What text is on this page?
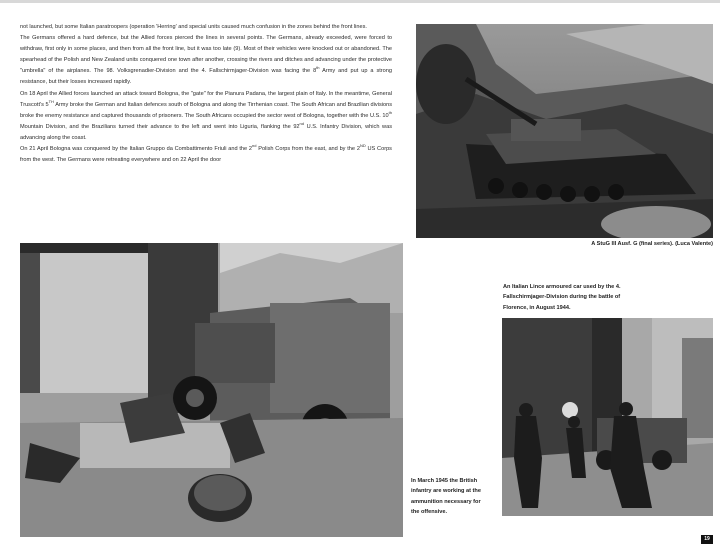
not launched, but some Italian paratroopers (operation 'Herring' and special units caused much confusion in the zones behind the front lines.

The Germans offered a hard defence, but the Allied forces pierced the lines in several points. The Germans, already exceeded, were forced to withdraw, first only in some places, and then from all the front line, but it was too late (9). Most of their vehicles were knocked out or abandoned. The spearhead of the Polish and New Zealand units conquered one town after another, crossing the rivers and ditches and advancing under the protective "umbrella" of the airplanes. The 98. Volksgrenadier-Division and the 4. Fallschirmjager-Division was facing the 8th Army and put up a strong resistance, but their losses increased rapidly.

On 18 April the Allied forces launched an attack toward Bologna, the "gate" for the Pianura Padana, the largest plain of Italy. In the meantime, General Truscott's 5TH Army broke the German and Italian defences south of Bologna and along the Tirrhenian coast. The South African and Brazilian divisions broke the enemy resistance and captured thousands of prisoners. The South Africans occupied the sector west of Bologna, together with the U.S. 10th Mountain Division, and the Brazilians turned their advance to the left and went into Liguria, flanking the 92nd U.S. Infantry Division, which was advancing along the coast.

On 21 April Bologna was conquered by the Italian Gruppo da Combattimento Friuli and the 2nd Polish Corps from the east, and by the 2ND US Corps from the west. The Germans were retreating everywhere and on 22 April the door

A StuG III Ausf. G (final series). (Luca Valente)
In March 1945 the British infantry are working at the ammunition necessary for the offensive.
An Italian Lince armoured car used by the 4. Fallschirmjager-Division during the battle of Florence, in August 1944.
19
